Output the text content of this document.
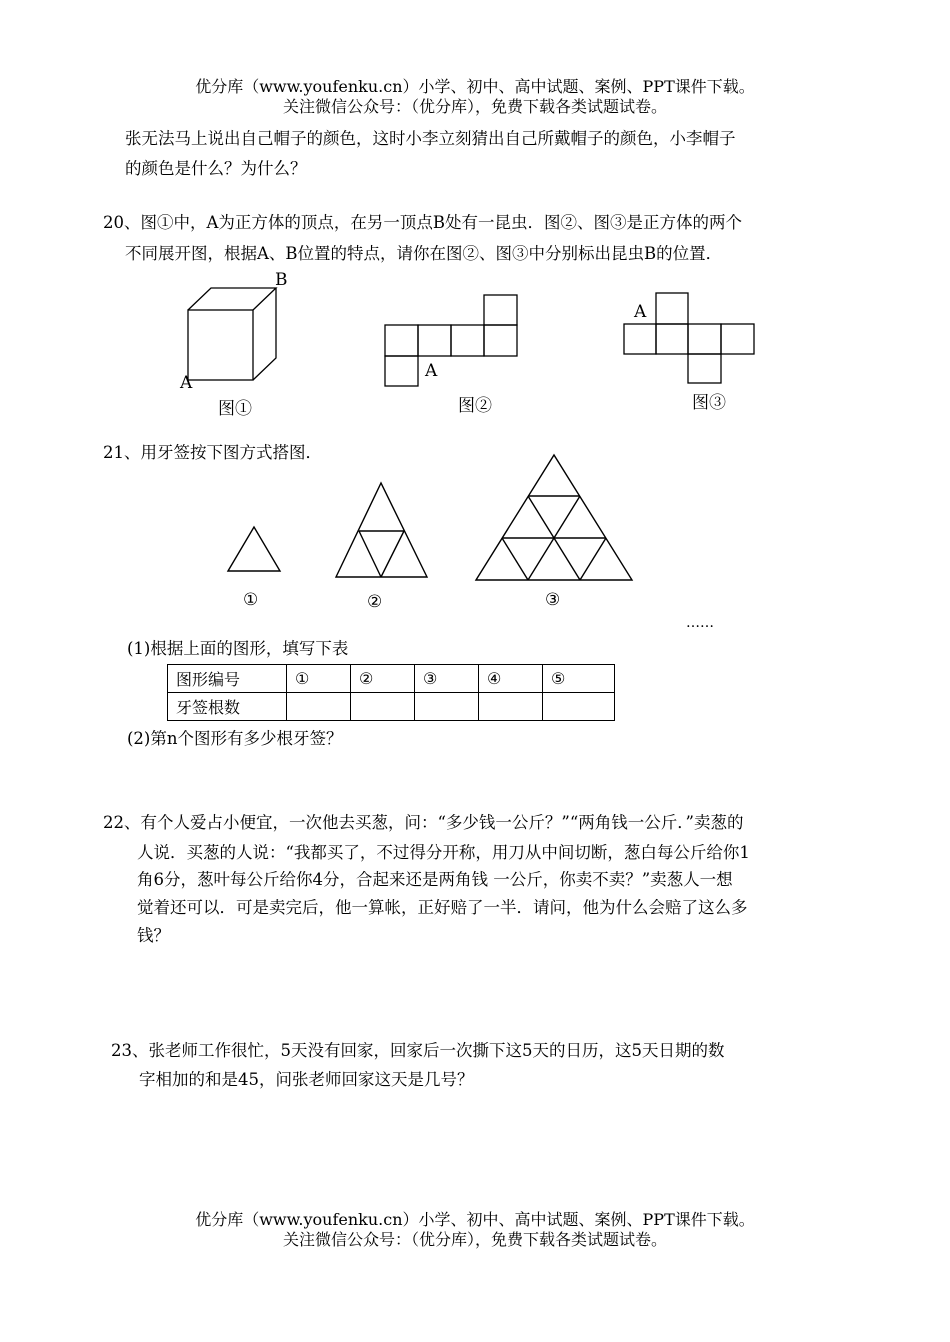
优分库（www.youfenku.cn）小学、初中、高中试题、案例、PPT课件下载。
关注微信公众号：（优分库），免费下载各类试题试卷。
张无法马上说出自己帽子的颜色，这时小李立刻猜出自己所戴帽子的颜色，小李帽子
的颜色是什么？为什么？
20、图①中，A为正方体的顶点，在另一顶点B处有一昆虫．图②、图③是正方体的两个
不同展开图，根据A、B位置的特点，请你在图②、图③中分别标出昆虫B的位置．
B
A
图①
A
图②
A
图③
21、用牙签按下图方式搭图．
①	②	③
……
(1)根据上面的图形，填写下表
图形编号	①	②	③	④	⑤
牙签根数					
(2)第n个图形有多少根牙签？
22、有个人爱占小便宜，一次他去买葱，问：“多少钱一公斤？”“两角钱一公斤．”卖葱的
人说．买葱的人说：“我都买了，不过得分开称，用刀从中间切断，葱白每公斤给你1
角6分，葱叶每公斤给你4分，合起来还是两角钱 一公斤，你卖不卖？”卖葱人一想
觉着还可以．可是卖完后，他一算帐，正好赔了一半．请问，他为什么会赔了这么多
钱？
23、张老师工作很忙，5天没有回家，回家后一次撕下这5天的日历，这5天日期的数
字相加的和是45，问张老师回家这天是几号？
优分库（www.youfenku.cn）小学、初中、高中试题、案例、PPT课件下载。
关注微信公众号：（优分库），免费下载各类试题试卷。
